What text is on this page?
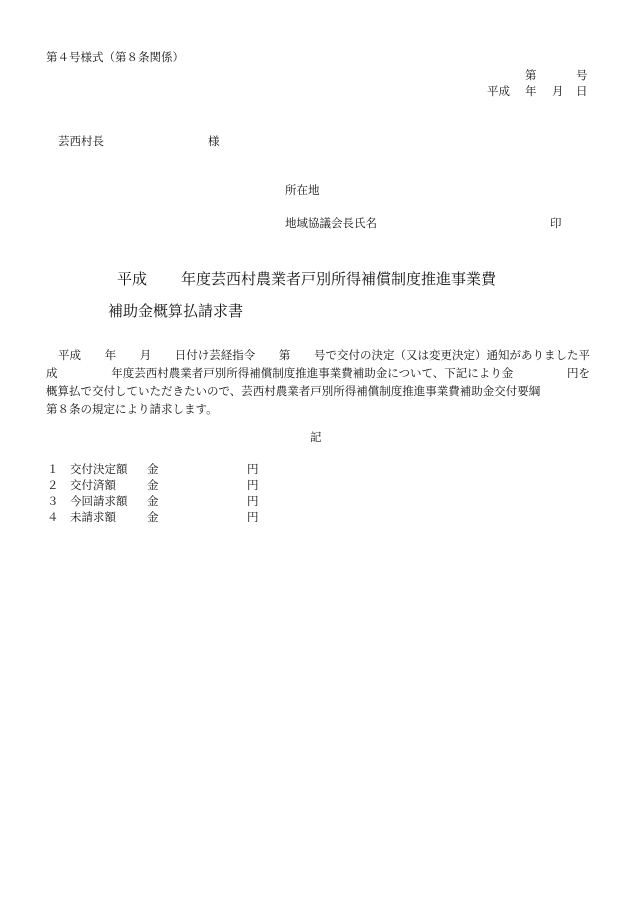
第４号様式（第８条関係）
第	号
平成 年 月 日
芸西村長	様
所在地
地域協議会長氏名	印
平成 年度芸西村農業者戸別所得補償制度推進事業費
補助金概算払請求書
平成 年 月 日付け芸経指令 第 号で交付の決定（又は変更決定）通知がありました平
成	年度芸西村農業者戸別所得補償制度推進事業費補助金について、下記により金	円を
概算払で交付していただきたいので、芸西村農業者戸別所得補償制度推進事業費補助金交付要綱
第８条の規定により請求します。
記
１ 交付決定額 金	円
２ 交付済額	金	円
３ 今回請求額 金	円
４ 未請求額	金	円
